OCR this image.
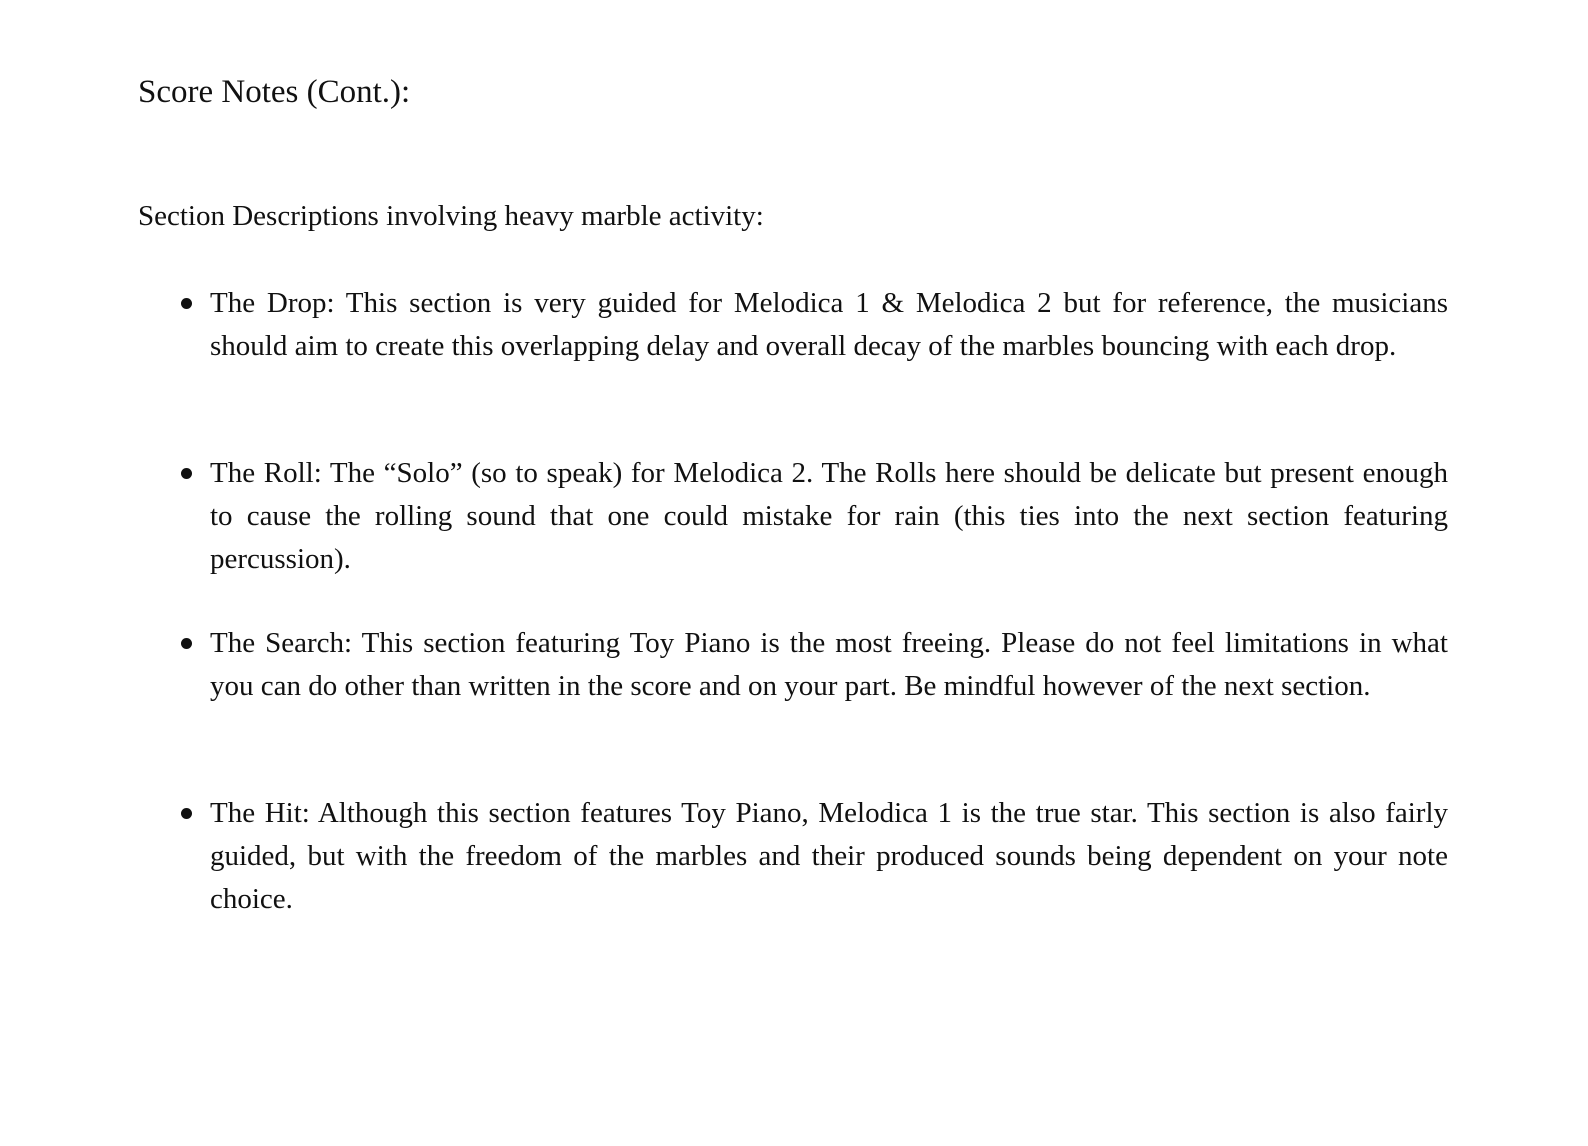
Score Notes (Cont.):

Section Descriptions involving heavy marble activity:

The Drop: This section is very guided for Melodica 1 & Melodica 2 but for reference, the musicians should aim to create this overlapping delay and overall decay of the marbles bouncing with each drop.
The Roll: The “Solo” (so to speak) for Melodica 2. The Rolls here should be delicate but present enough to cause the rolling sound that one could mistake for rain (this ties into the next section featuring percussion).
The Search: This section featuring Toy Piano is the most freeing. Please do not feel limitations in what you can do other than written in the score and on your part. Be mindful however of the next section.
The Hit: Although this section features Toy Piano, Melodica 1 is the true star. This section is also fairly guided, but with the freedom of the marbles and their produced sounds being dependent on your note choice.
